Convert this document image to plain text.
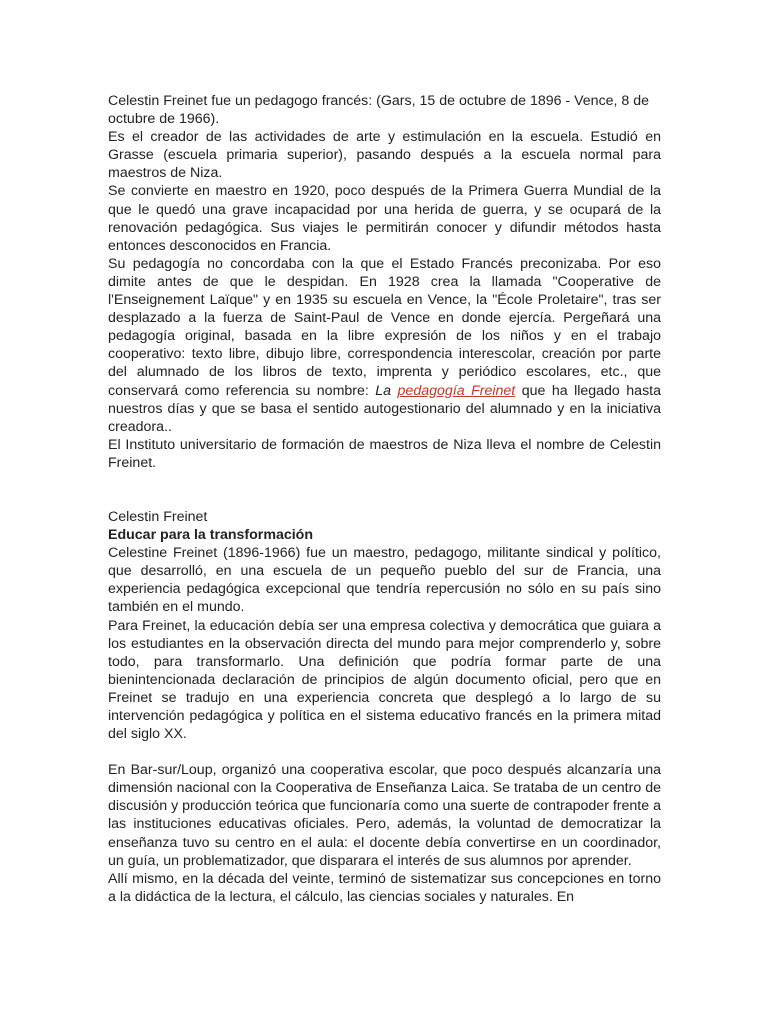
Celestin Freinet fue un pedagogo francés: (Gars, 15 de octubre de 1896 - Vence, 8 de octubre de 1966).

Es el creador de las actividades de arte y estimulación en la escuela. Estudió en Grasse (escuela primaria superior), pasando después a la escuela normal para maestros de Niza.

Se convierte en maestro en 1920, poco después de la Primera Guerra Mundial de la que le quedó una grave incapacidad por una herida de guerra, y se ocupará de la renovación pedagógica. Sus viajes le permitirán conocer y difundir métodos hasta entonces desconocidos en Francia.

Su pedagogía no concordaba con la que el Estado Francés preconizaba. Por eso dimite antes de que le despidan. En 1928 crea la llamada "Cooperative de l'Enseignement Laïque" y en 1935 su escuela en Vence, la "École Proletaire", tras ser desplazado a la fuerza de Saint-Paul de Vence en donde ejercía. Pergeñará una pedagogía original, basada en la libre expresión de los niños y en el trabajo cooperativo: texto libre, dibujo libre, correspondencia interescolar, creación por parte del alumnado de los libros de texto, imprenta y periódico escolares, etc., que conservará como referencia su nombre: La pedagogía Freinet que ha llegado hasta nuestros días y que se basa el sentido autogestionario del alumnado y en la iniciativa creadora..

El Instituto universitario de formación de maestros de Niza lleva el nombre de Celestin Freinet.

Celestin Freinet

Educar para la transformación

Celestine Freinet (1896-1966) fue un maestro, pedagogo, militante sindical y político, que desarrolló, en una escuela de un pequeño pueblo del sur de Francia, una experiencia pedagógica excepcional que tendría repercusión no sólo en su país sino también en el mundo.

Para Freinet, la educación debía ser una empresa colectiva y democrática que guiara a los estudiantes en la observación directa del mundo para mejor comprenderlo y, sobre todo, para transformarlo. Una definición que podría formar parte de una bienintencionada declaración de principios de algún documento oficial, pero que en Freinet se tradujo en una experiencia concreta que desplegó a lo largo de su intervención pedagógica y política en el sistema educativo francés en la primera mitad del siglo XX.

En Bar-sur/Loup, organizó una cooperativa escolar, que poco después alcanzaría una dimensión nacional con la Cooperativa de Enseñanza Laica. Se trataba de un centro de discusión y producción teórica que funcionaría como una suerte de contrapoder frente a las instituciones educativas oficiales. Pero, además, la voluntad de democratizar la enseñanza tuvo su centro en el aula: el docente debía convertirse en un coordinador, un guía, un problematizador, que disparara el interés de sus alumnos por aprender.

Allí mismo, en la década del veinte, terminó de sistematizar sus concepciones en torno a la didáctica de la lectura, el cálculo, las ciencias sociales y naturales. En
